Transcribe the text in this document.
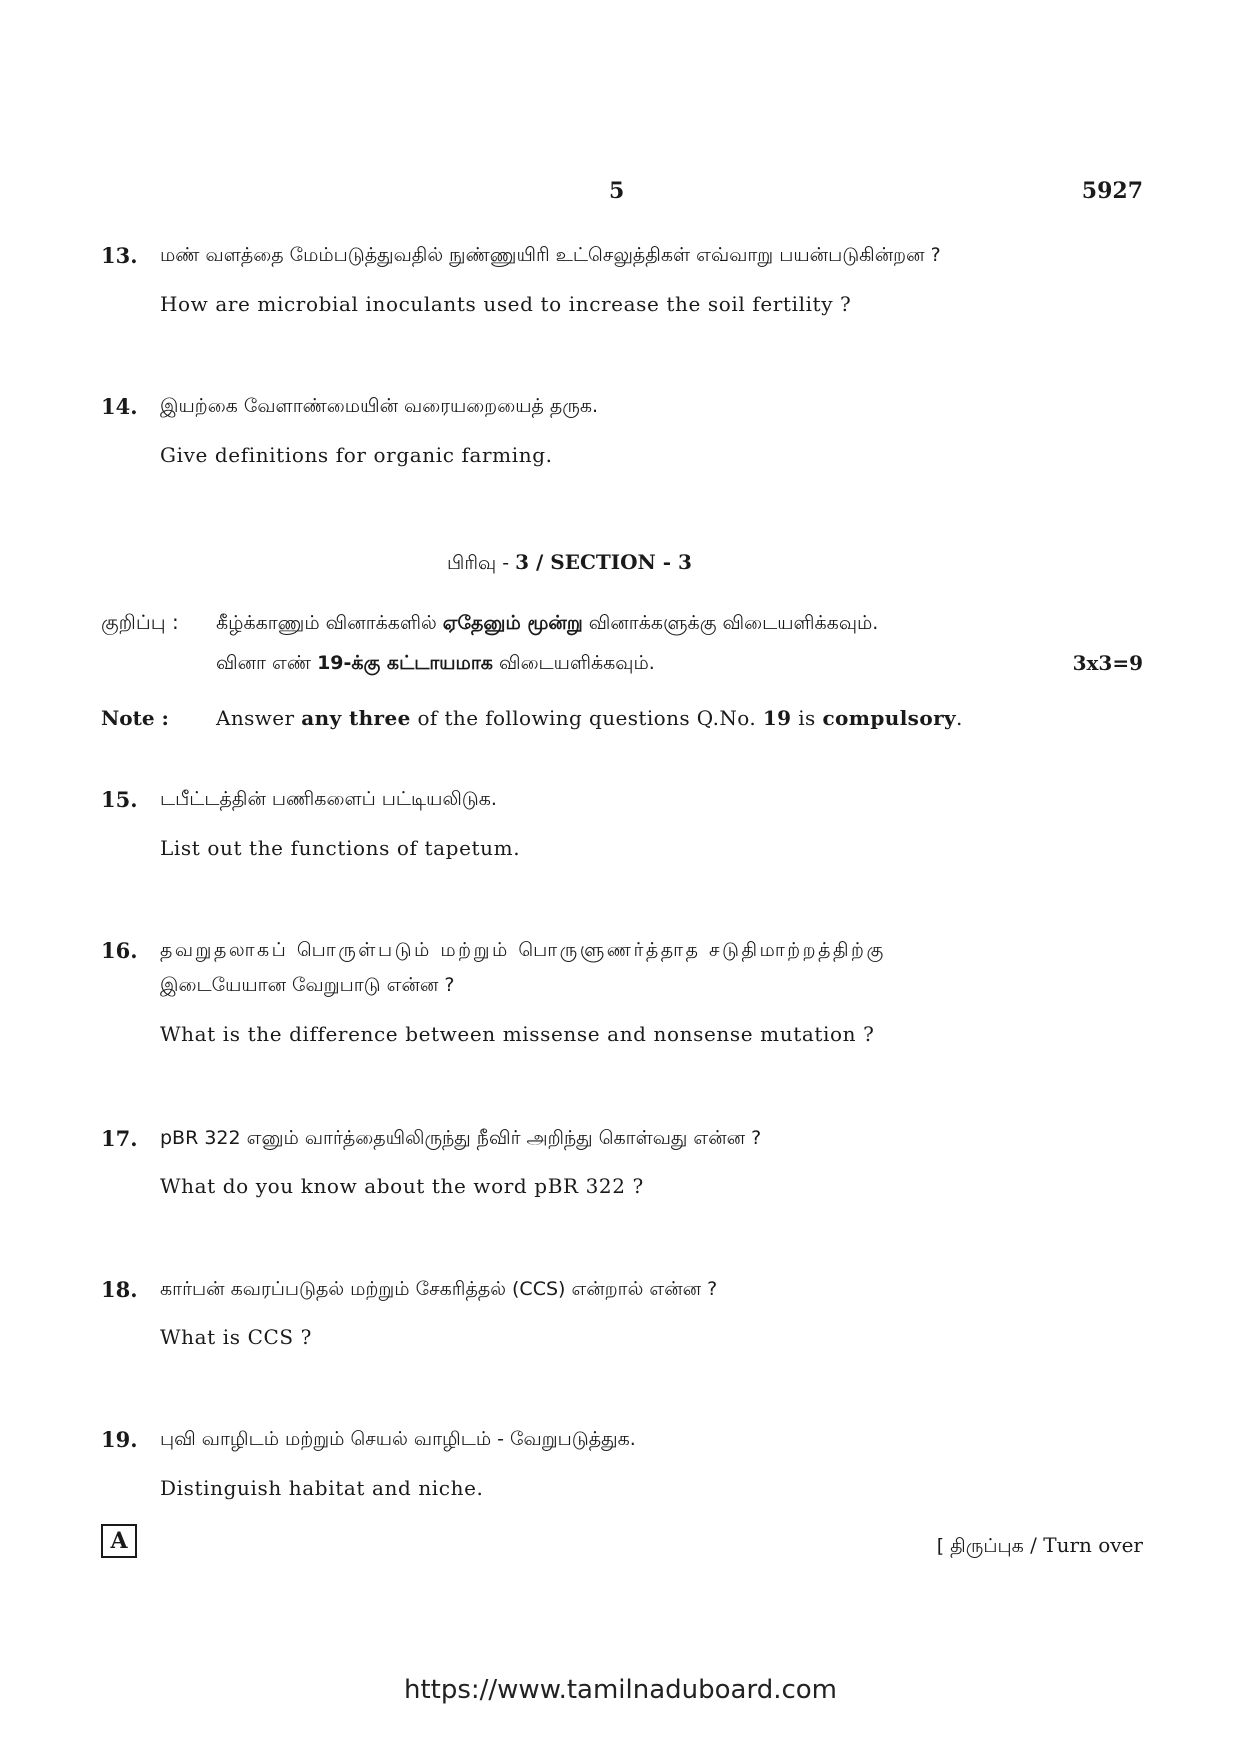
5	5927
13. மண் வளத்தை மேம்படுத்துவதில் நுண்ணுயிரி உட்செலுத்திகள் எவ்வாறு பயன்படுகின்றன ?
How are microbial inoculants used to increase the soil fertility ?
14. இயற்கை வேளாண்மையின் வரையறையைத் தருக.
Give definitions for organic farming.
பிரிவு - 3 / SECTION - 3
குறிப்பு : கீழ்க்காணும் வினாக்களில் ஏதேனும் மூன்று வினாக்களுக்கு விடையளிக்கவும்.
வினா எண் 19-க்கு கட்டாயமாக விடையளிக்கவும்.	3x3=9
Note : Answer any three of the following questions Q.No. 19 is compulsory.
15. டபீட்டத்தின் பணிகளைப் பட்டியலிடுக.
List out the functions of tapetum.
16. தவறுதலாகப் பொருள்படும் மற்றும் பொருளுணர்த்தாத சடுதிமாற்றத்திற்கு
இடையேயான வேறுபாடு என்ன ?
What is the difference between missense and nonsense mutation ?
17. pBR 322 எனும் வார்த்தையிலிருந்து நீவிர் அறிந்து கொள்வது என்ன ?
What do you know about the word pBR 322 ?
18. கார்பன் கவரப்படுதல் மற்றும் சேகரித்தல் (CCS) என்றால் என்ன ?
What is CCS ?
19. புவி வாழிடம் மற்றும் செயல் வாழிடம் - வேறுபடுத்துக.
Distinguish habitat and niche.
A	[ திருப்புக / Turn over
https://www.tamilnaduboard.com
